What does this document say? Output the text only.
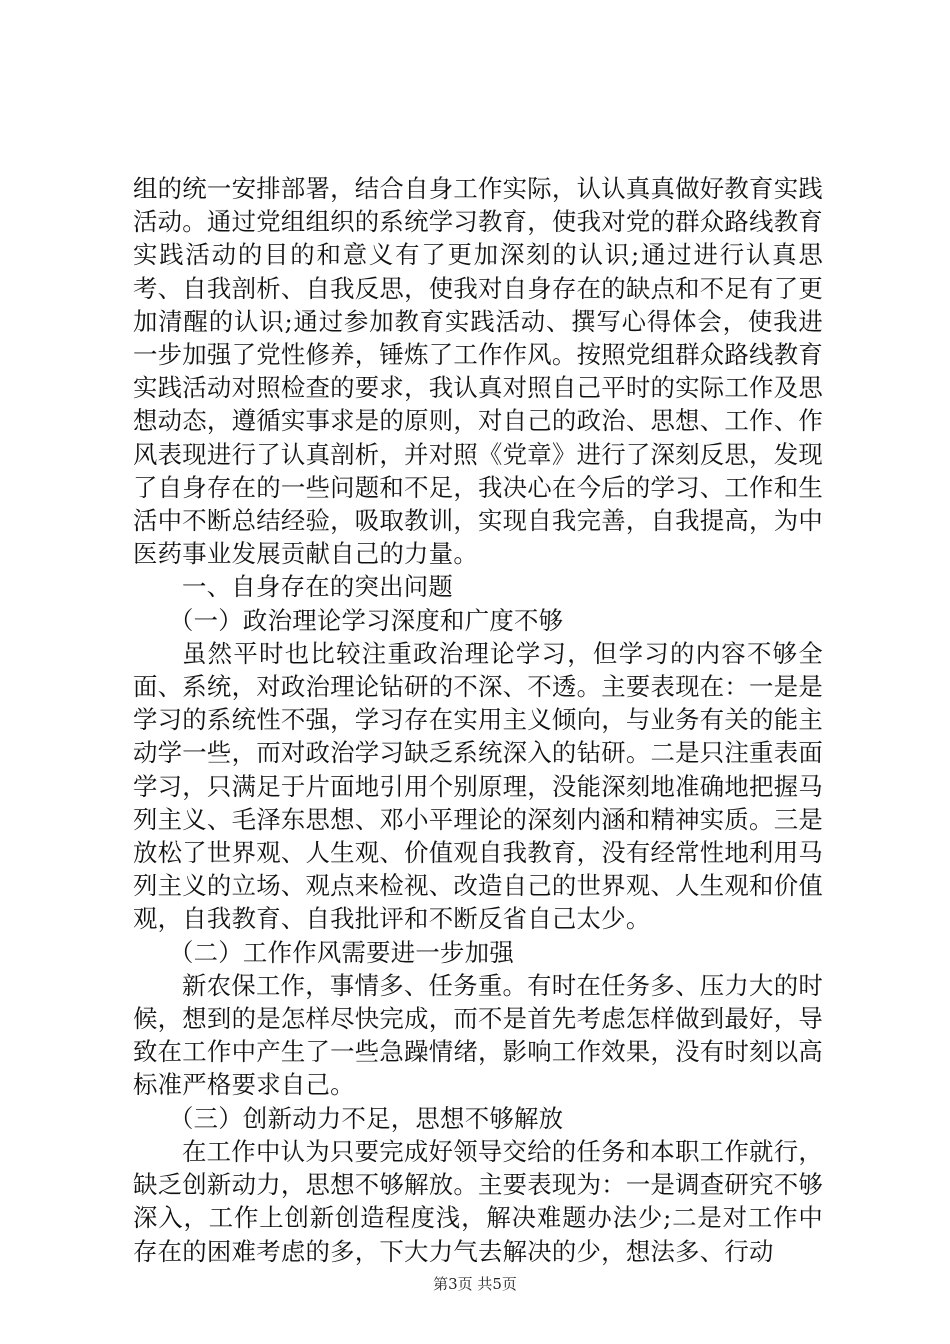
组的统一安排部署，结合自身工作实际，认认真真做好教育实践活动。通过党组组织的系统学习教育，使我对党的群众路线教育实践活动的目的和意义有了更加深刻的认识;通过进行认真思考、自我剖析、自我反思，使我对自身存在的缺点和不足有了更加清醒的认识;通过参加教育实践活动、撰写心得体会，使我进一步加强了党性修养，锤炼了工作作风。按照党组群众路线教育实践活动对照检查的要求，我认真对照自己平时的实际工作及思想动态，遵循实事求是的原则，对自己的政治、思想、工作、作风表现进行了认真剖析，并对照《党章》进行了深刻反思，发现了自身存在的一些问题和不足，我决心在今后的学习、工作和生活中不断总结经验，吸取教训，实现自我完善，自我提高，为中医药事业发展贡献自己的力量。

一、自身存在的突出问题

（一）政治理论学习深度和广度不够

虽然平时也比较注重政治理论学习，但学习的内容不够全面、系统，对政治理论钻研的不深、不透。主要表现在：一是是学习的系统性不强，学习存在实用主义倾向，与业务有关的能主动学一些，而对政治学习缺乏系统深入的钻研。二是只注重表面学习，只满足于片面地引用个别原理，没能深刻地准确地把握马列主义、毛泽东思想、邓小平理论的深刻内涵和精神实质。三是放松了世界观、人生观、价值观自我教育，没有经常性地利用马列主义的立场、观点来检视、改造自己的世界观、人生观和价值观，自我教育、自我批评和不断反省自己太少。

（二）工作作风需要进一步加强

新农保工作，事情多、任务重。有时在任务多、压力大的时候，想到的是怎样尽快完成，而不是首先考虑怎样做到最好，导致在工作中产生了一些急躁情绪，影响工作效果，没有时刻以高标准严格要求自己。

（三）创新动力不足，思想不够解放

在工作中认为只要完成好领导交给的任务和本职工作就行，缺乏创新动力，思想不够解放。主要表现为：一是调查研究不够深入，工作上创新创造程度浅，解决难题办法少;二是对工作中存在的困难考虑的多，下大力气去解决的少，想法多、行动

第3页 共5页
